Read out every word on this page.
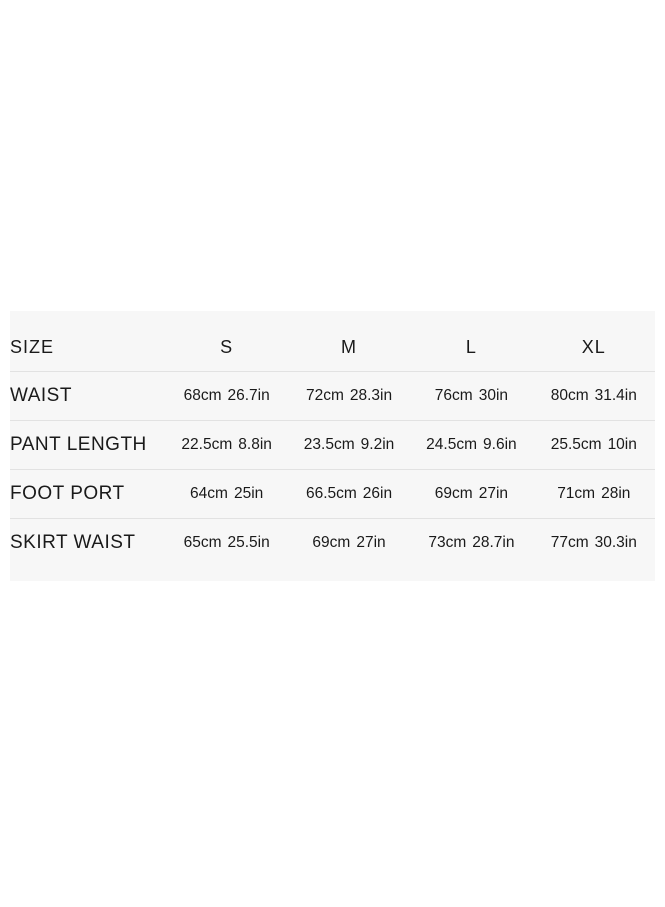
SIZE	S	M	L	XL
WAIST	68cm 26.7in	72cm 28.3in	76cm 30in	80cm 31.4in

PANT LENGTH	22.5cm 8.8in	23.5cm 9.2in	24.5cm 9.6in	25.5cm 10in

FOOT PORT	64cm 25in	66.5cm 26in	69cm 27in	71cm 28in

SKIRT WAIST	65cm 25.5in	69cm 27in	73cm 28.7in	77cm 30.3in
